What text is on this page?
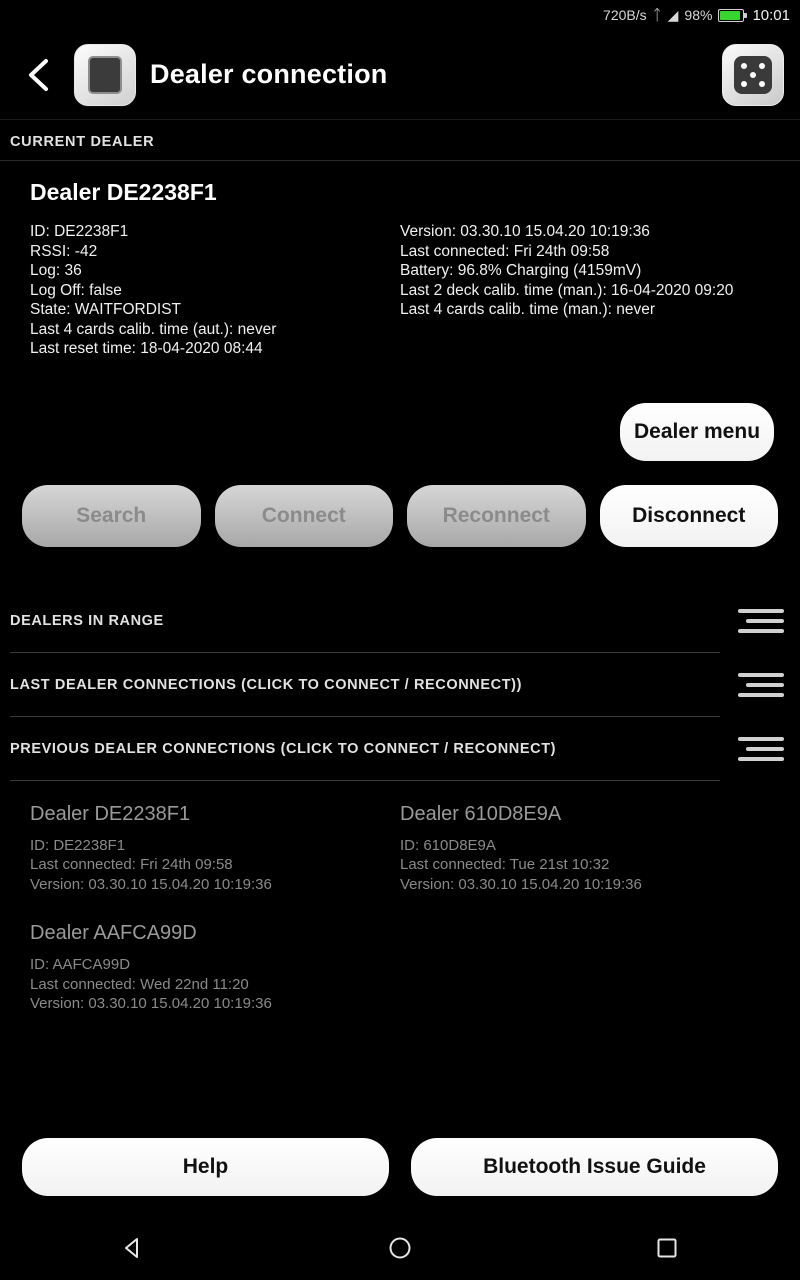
720B/s ᛏ ◢ 98%	10:01
Dealer connection
CURRENT DEALER
Dealer DE2238F1

ID: DE2238F1

RSSI: -42

Log: 36

Log Off: false

State: WAITFORDIST

Last 4 cards calib. time (aut.): never

Last reset time: 18-04-2020 08:44

Version: 03.30.10 15.04.20 10:19:36

Last connected: Fri 24th 09:58

Battery: 96.8% Charging (4159mV)

Last 2 deck calib. time (man.): 16-04-2020 09:20

Last 4 cards calib. time (man.): never

Dealer menu
Search	Connect	Reconnect	Disconnect
DEALERS IN RANGE
LAST DEALER CONNECTIONS (CLICK TO CONNECT / RECONNECT))
PREVIOUS DEALER CONNECTIONS (CLICK TO CONNECT / RECONNECT)
Dealer DE2238F1
ID: DE2238F1
Last connected: Fri 24th 09:58
Version: 03.30.10 15.04.20 10:19:36
Dealer 610D8E9A
ID: 610D8E9A
Last connected: Tue 21st 10:32
Version: 03.30.10 15.04.20 10:19:36
Dealer AAFCA99D
ID: AAFCA99D
Last connected: Wed 22nd 11:20
Version: 03.30.10 15.04.20 10:19:36
Help	Bluetooth Issue Guide
